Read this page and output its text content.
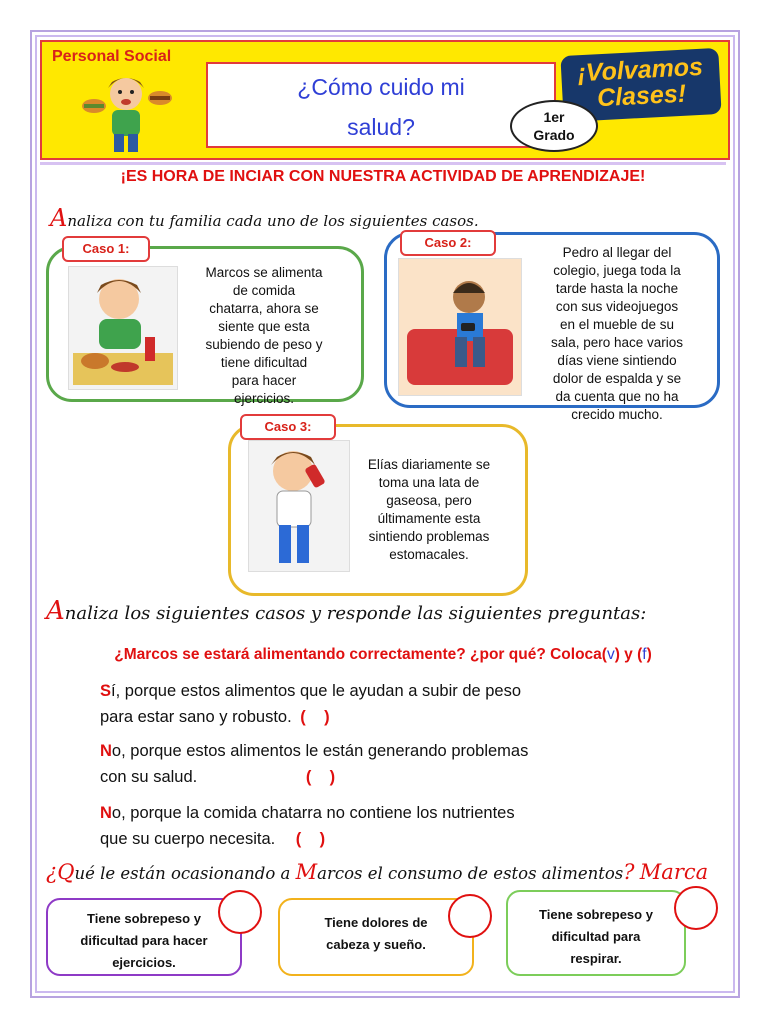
Personal Social
¿Cómo cuido mi
salud?
¡Volvamos
Clases!
1er
Grado
¡ES HORA DE INCIAR CON NUESTRA ACTIVIDAD DE APRENDIZAJE!
Analiza con tu familia cada uno de los siguientes casos.
Caso 1:
Marcos se alimenta
de comida
chatarra, ahora se
siente que esta
subiendo de peso y
tiene dificultad
para hacer
ejercicios.
Caso 2:
Pedro al llegar del
colegio, juega toda la
tarde hasta la noche
con sus videojuegos
en el mueble de su
sala, pero hace varios
días viene sintiendo
dolor de espalda y se
da cuenta que no ha
crecido mucho.
Caso 3:
Elías diariamente se
toma una lata de
gaseosa, pero
últimamente esta
sintiendo problemas
estomacales.
Analiza los siguientes casos y responde las siguientes preguntas:
¿Marcos se estará alimentando correctamente? ¿por qué? Coloca(v) y (f)
Sí, porque estos alimentos que le ayudan a subir de peso
para estar sano y robusto. (    )
No, porque estos alimentos le están generando problemas
con su salud.	(    )
No, porque la comida chatarra no contiene los nutrientes
que su cuerpo necesita. (    )
¿Qué le están ocasionando a Marcos el consumo de estos alimentos? Marca
Tiene sobrepeso y
dificultad para hacer
ejercicios.
Tiene dolores de
cabeza y sueño.
Tiene sobrepeso y
dificultad para
respirar.
